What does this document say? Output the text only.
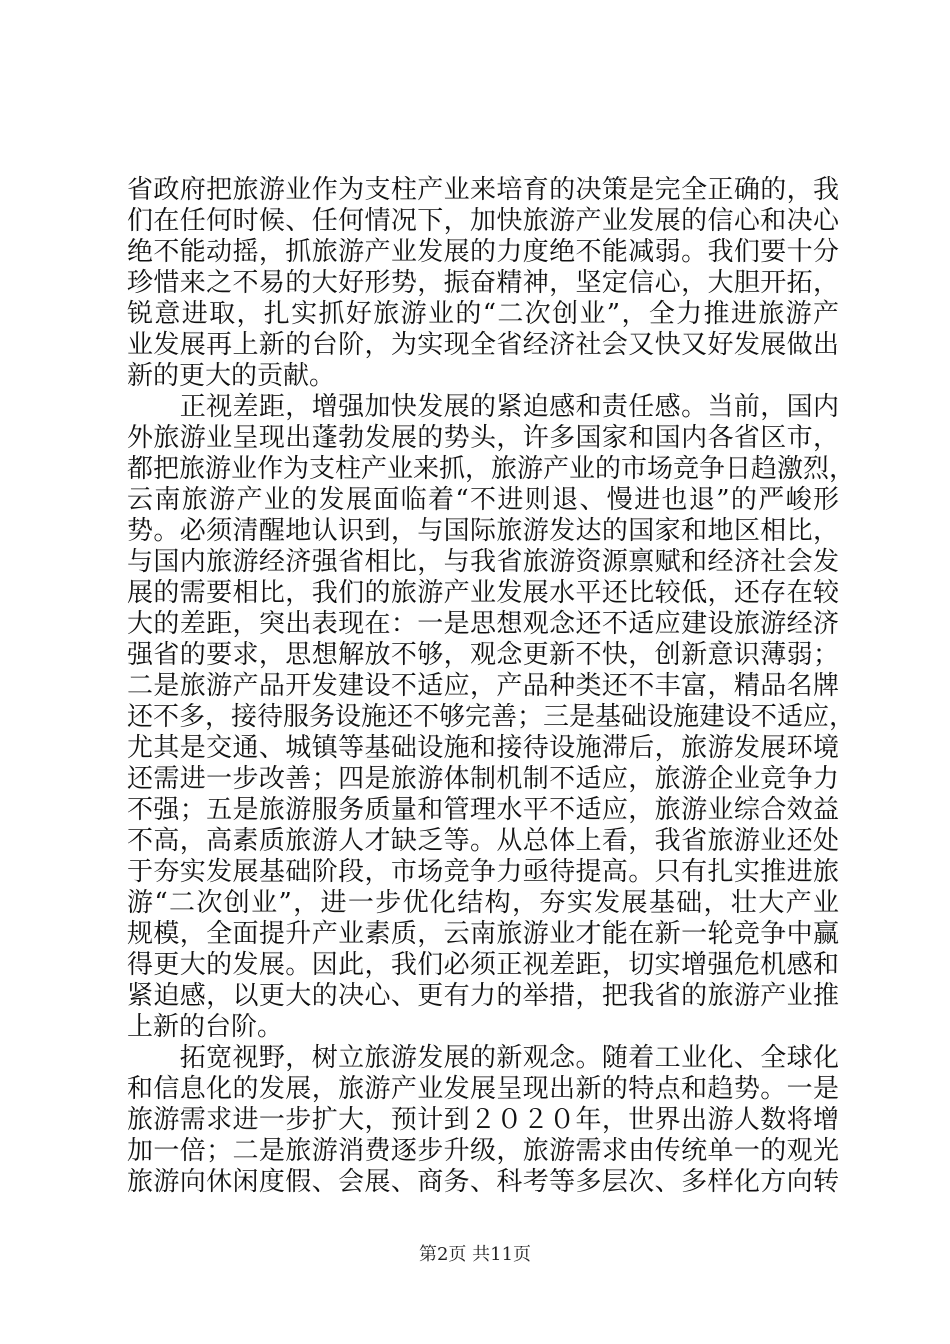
省政府把旅游业作为支柱产业来培育的决策是完全正确的，我
们在任何时候、任何情况下，加快旅游产业发展的信心和决心
绝不能动摇，抓旅游产业发展的力度绝不能减弱。我们要十分
珍惜来之不易的大好形势，振奋精神，坚定信心，大胆开拓，
锐意进取，扎实抓好旅游业的“二次创业”，全力推进旅游产
业发展再上新的台阶，为实现全省经济社会又快又好发展做出
新的更大的贡献。
　　正视差距，增强加快发展的紧迫感和责任感。当前，国内
外旅游业呈现出蓬勃发展的势头，许多国家和国内各省区市，
都把旅游业作为支柱产业来抓，旅游产业的市场竞争日趋激烈，
云南旅游产业的发展面临着“不进则退、慢进也退”的严峻形
势。必须清醒地认识到，与国际旅游发达的国家和地区相比，
与国内旅游经济强省相比，与我省旅游资源禀赋和经济社会发
展的需要相比，我们的旅游产业发展水平还比较低，还存在较
大的差距，突出表现在：一是思想观念还不适应建设旅游经济
强省的要求，思想解放不够，观念更新不快，创新意识薄弱；
二是旅游产品开发建设不适应，产品种类还不丰富，精品名牌
还不多，接待服务设施还不够完善；三是基础设施建设不适应，
尤其是交通、城镇等基础设施和接待设施滞后，旅游发展环境
还需进一步改善；四是旅游体制机制不适应，旅游企业竞争力
不强；五是旅游服务质量和管理水平不适应，旅游业综合效益
不高，高素质旅游人才缺乏等。从总体上看，我省旅游业还处
于夯实发展基础阶段，市场竞争力亟待提高。只有扎实推进旅
游“二次创业”，进一步优化结构，夯实发展基础，壮大产业
规模，全面提升产业素质，云南旅游业才能在新一轮竞争中赢
得更大的发展。因此，我们必须正视差距，切实增强危机感和
紧迫感，以更大的决心、更有力的举措，把我省的旅游产业推
上新的台阶。
　　拓宽视野，树立旅游发展的新观念。随着工业化、全球化
和信息化的发展，旅游产业发展呈现出新的特点和趋势。一是
旅游需求进一步扩大，预计到２０２０年，世界出游人数将增
加一倍；二是旅游消费逐步升级，旅游需求由传统单一的观光
旅游向休闲度假、会展、商务、科考等多层次、多样化方向转
第2页 共11页
